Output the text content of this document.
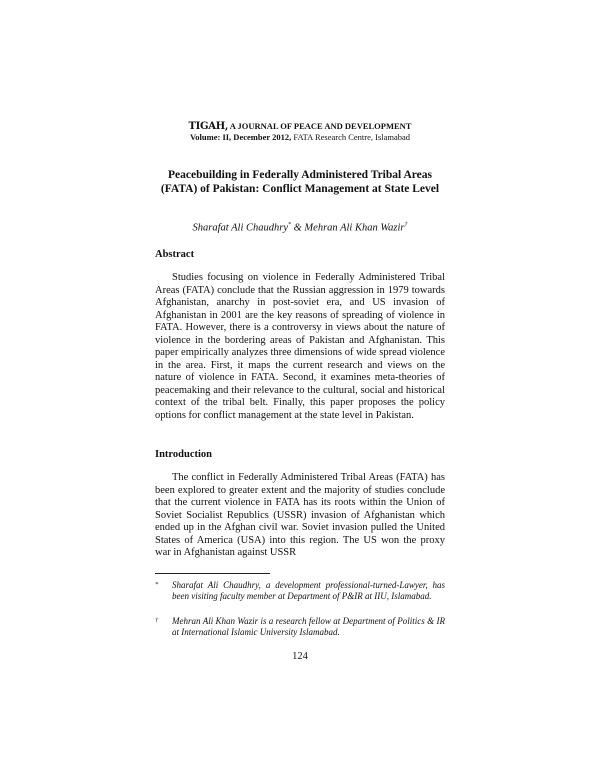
TIGAH, A JOURNAL OF PEACE AND DEVELOPMENT
Volume: II, December 2012, FATA Research Centre, Islamabad
Peacebuilding in Federally Administered Tribal Areas (FATA) of Pakistan: Conflict Management at State Level
Sharafat Ali Chaudhry* & Mehran Ali Khan Wazir†
Abstract

Studies focusing on violence in Federally Administered Tribal Areas (FATA) conclude that the Russian aggression in 1979 towards Afghanistan, anarchy in post-soviet era, and US invasion of Afghanistan in 2001 are the key reasons of spreading of violence in FATA. However, there is a controversy in views about the nature of violence in the bordering areas of Pakistan and Afghanistan. This paper empirically analyzes three dimensions of wide spread violence in the area. First, it maps the current research and views on the nature of violence in FATA. Second, it examines meta-theories of peacemaking and their relevance to the cultural, social and historical context of the tribal belt. Finally, this paper proposes the policy options for conflict management at the state level in Pakistan.

Introduction

The conflict in Federally Administered Tribal Areas (FATA) has been explored to greater extent and the majority of studies conclude that the current violence in FATA has its roots within the Union of Soviet Socialist Republics (USSR) invasion of Afghanistan which ended up in the Afghan civil war. Soviet invasion pulled the United States of America (USA) into this region. The US won the proxy war in Afghanistan against USSR

* Sharafat Ali Chaudhry, a development professional-turned-Lawyer, has been visiting faculty member at Department of P&IR at IIU, Islamabad.
† Mehran Ali Khan Wazir is a research fellow at Department of Politics & IR at International Islamic University Islamabad.
124
